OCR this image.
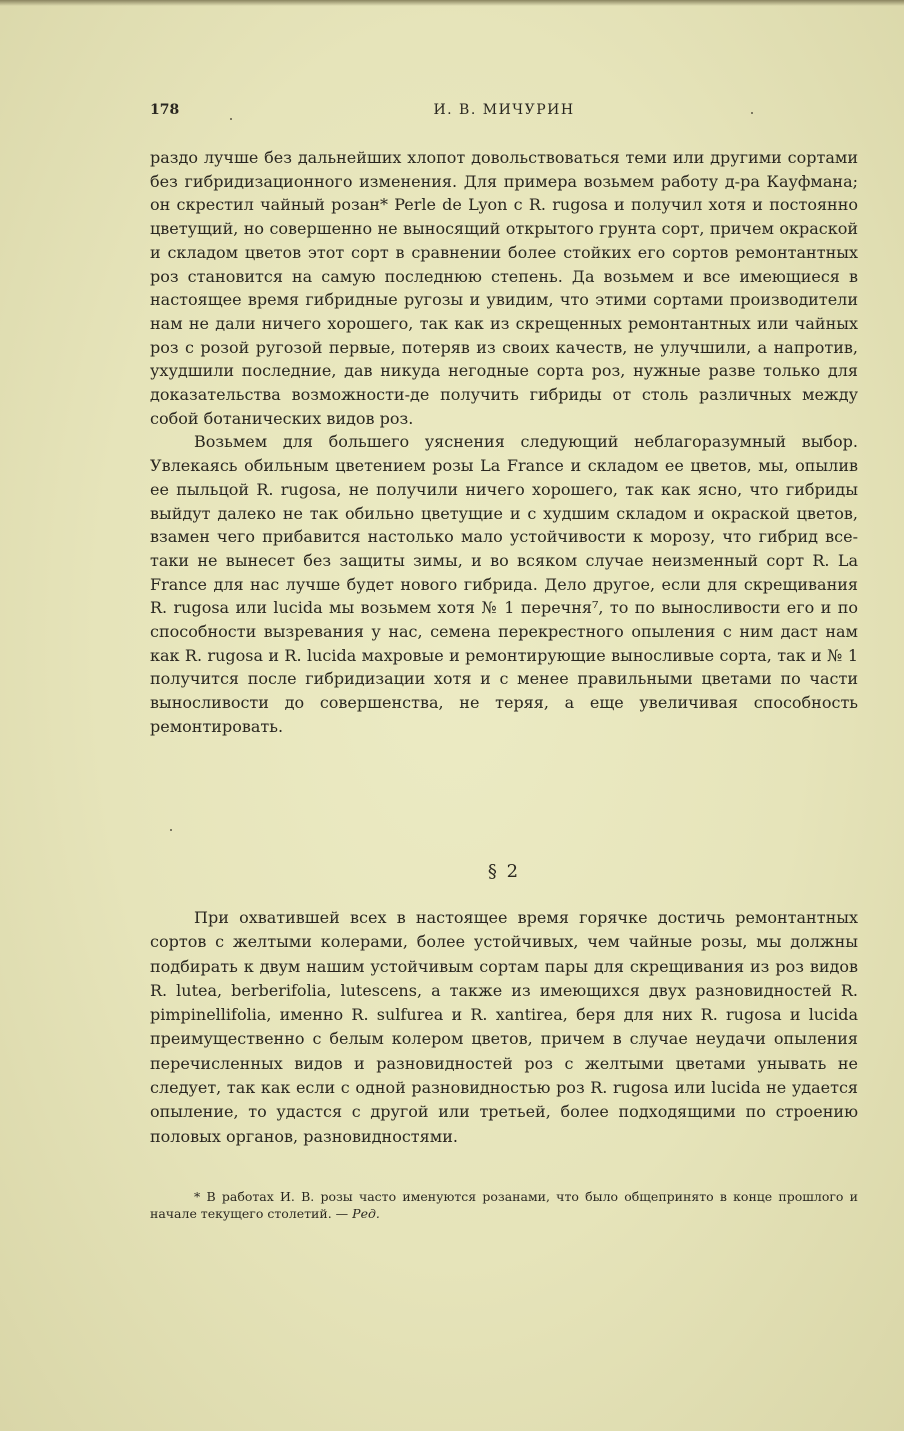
178	И. В. МИЧУРИН

раздо лучше без дальнейших хлопот довольствоваться теми или другими сортами без гибридизационного изменения. Для примера возьмем работу д-ра Кауфмана; он скрестил чайный розан* Perle de Lyon с R. rugosa и получил хотя и постоянно цветущий, но совершенно не выносящий открытого грунта сорт, причем окраской и складом цветов этот сорт в сравнении более стойких его сортов ремонтантных роз становится на самую последнюю степень. Да возьмем и все имеющиеся в настоящее время гибридные ругозы и увидим, что этими сортами производители нам не дали ничего хорошего, так как из скрещенных ремонтантных или чайных роз с розой ругозой первые, потеряв из своих качеств, не улучшили, а напротив, ухудшили последние, дав никуда негодные сорта роз, нужные разве только для доказательства возможности-де получить гибриды от столь различных между собой ботанических видов роз.

Возьмем для большего уяснения следующий неблагоразумный выбор. Увлекаясь обильным цветением розы La France и складом ее цветов, мы, опылив ее пыльцой R. rugosa, не получили ничего хорошего, так как ясно, что гибриды выйдут далеко не так обильно цветущие и с худшим складом и окраской цветов, взамен чего прибавится настолько мало устойчивости к морозу, что гибрид все-таки не вынесет без защиты зимы, и во всяком случае неизменный сорт R. La France для нас лучше будет нового гибрида. Дело другое, если для скрещивания R. rugosa или lucida мы возьмем хотя № 1 перечня⁷, то по выносливости его и по способности вызревания у нас, семена перекрестного опыления с ним даст нам как R. rugosa и R. lucida махровые и ремонтирующие выносливые сорта, так и № 1 получится после гибридизации хотя и с менее правильными цветами по части выносливости до совершенства, не теряя, а еще увеличивая способность ремонтировать.

§ 2

При охватившей всех в настоящее время горячке достичь ремонтантных сортов с желтыми колерами, более устойчивых, чем чайные розы, мы должны подбирать к двум нашим устойчивым сортам пары для скрещивания из роз видов R. lutea, berberifolia, lutescens, а также из имеющихся двух разновидностей R. pimpinellifolia, именно R. sulfurea и R. xantirea, беря для них R. rugosa и lucida преимущественно с белым колером цветов, причем в случае неудачи опыления перечисленных видов и разновидностей роз с желтыми цветами унывать не следует, так как если с одной разновидностью роз R. rugosa или lucida не удается опыление, то удастся с другой или третьей, более подходящими по строению половых органов, разновидностями.

* В работах И. В. розы часто именуются розанами, что было общепринято в конце прошлого и начале текущего столетий. — Ред.
